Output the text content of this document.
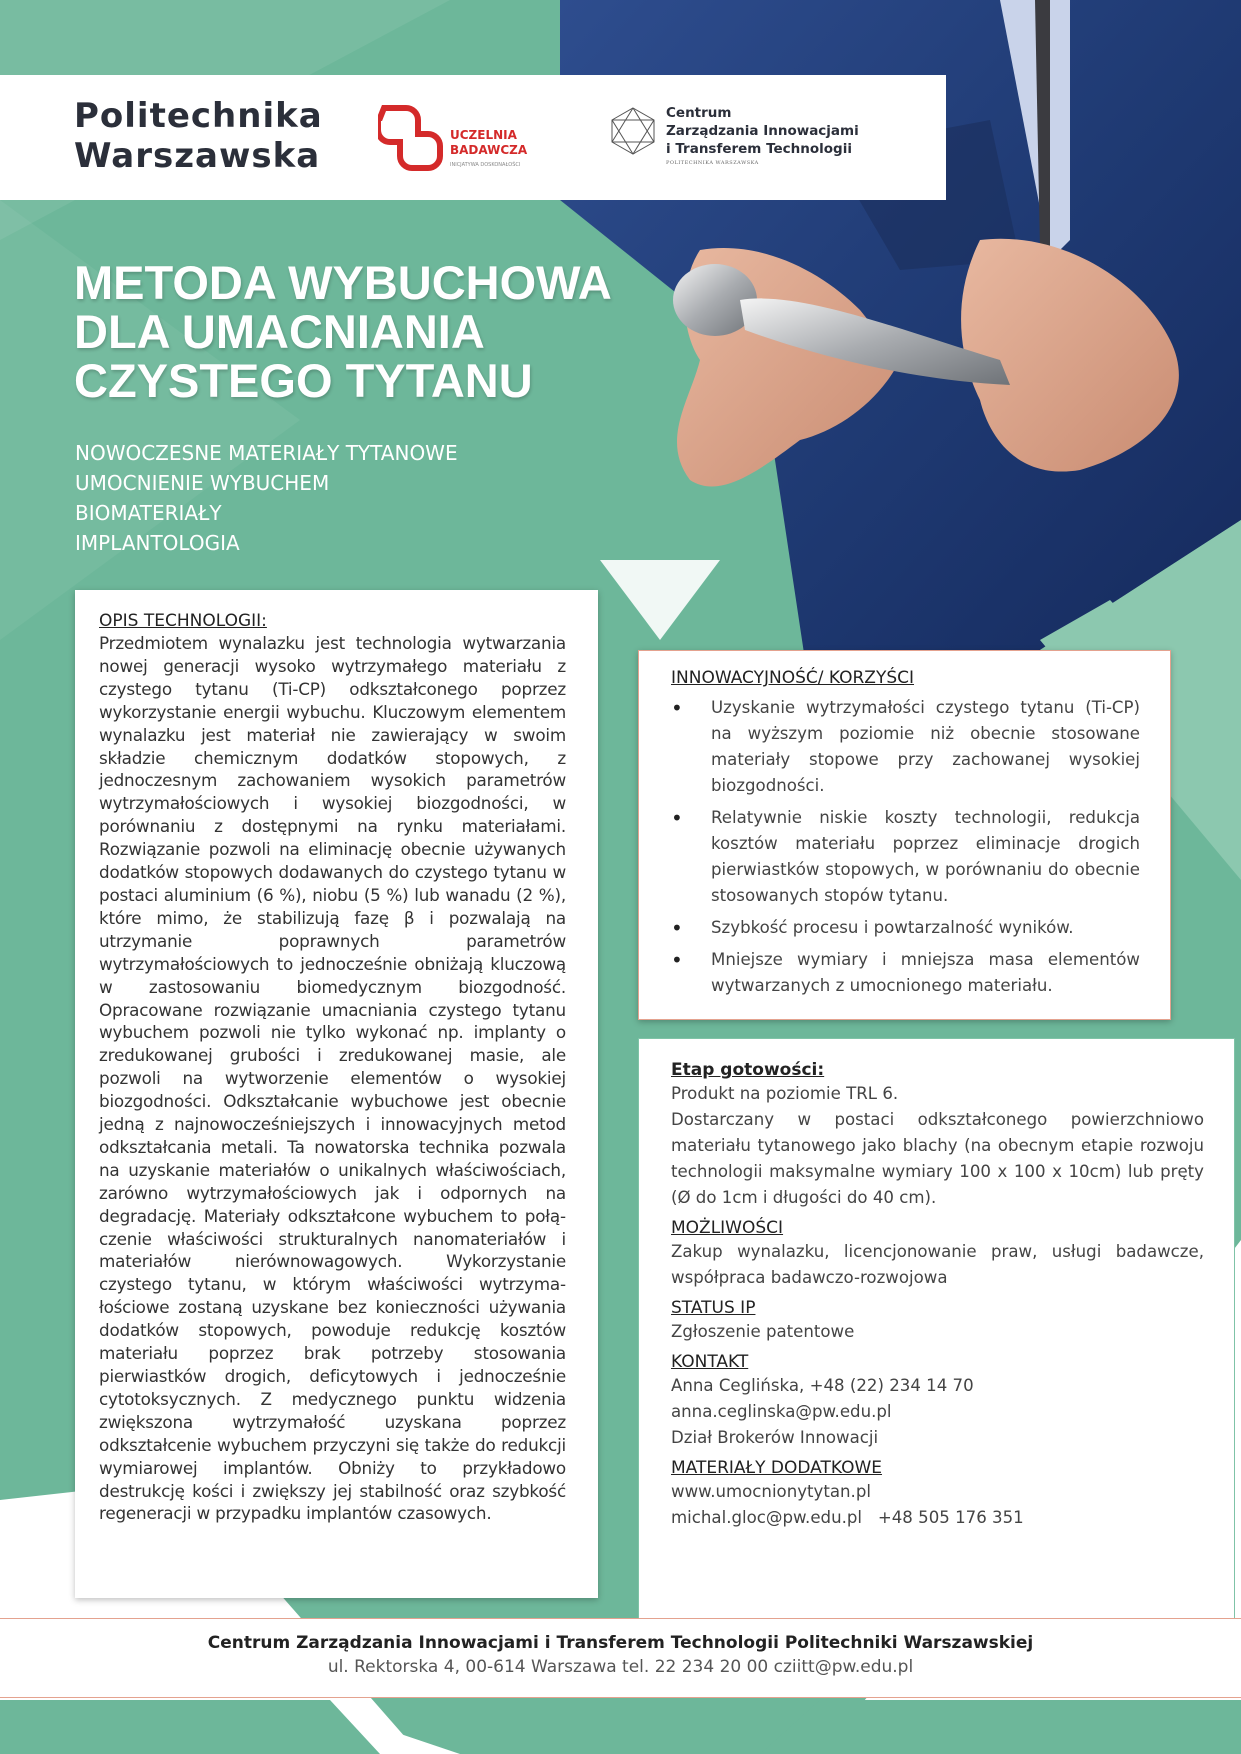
Politechnika
Warszawska
UCZELNIA
BADAWCZA
INICJATYWA DOSKONAŁOŚCI
Centrum
Zarządzania Innowacjami
i Transferem Technologii
POLITECHNIKA WARSZAWSKA
METODA WYBUCHOWA
DLA UMACNIANIA
CZYSTEGO TYTANU
NOWOCZESNE MATERIAŁY TYTANOWE
UMOCNIENIE WYBUCHEM
BIOMATERIAŁY
IMPLANTOLOGIA
OPIS TECHNOLOGII:
Przedmiotem wynalazku jest technologia wytwarzania nowej generacji wysoko wytrzymałego materiału z czystego tytanu (Ti-CP) odkształconego poprzez wykorzystanie energii wybuchu. Kluczowym elementem wynalazku jest materiał nie zawierający w swoim składzie chemicznym dodatków stopowych, z jednoczesnym zachowaniem wysokich parametrów wytrzymałościowych i wysokiej biozgodności, w porównaniu z dostępnymi na rynku materiałami. Rozwiązanie pozwoli na eliminację obecnie używanych dodatków stopowych dodawanych do czystego tytanu w postaci aluminium (6 %), niobu (5 %) lub wanadu (2 %), które mimo, że stabilizują fazę β i pozwalają na utrzymanie poprawnych parametrów wytrzymałościowych to jednocześnie obniżają kluczową w zastosowaniu biomedycznym biozgodność. Opracowane rozwiązanie umacniania czystego tytanu wybuchem pozwoli nie tylko wykonać np. implanty o zredukowanej grubości i zredukowanej masie, ale pozwoli na wytworzenie elementów o wysokiej biozgodności. Odkształcanie wybuchowe jest obecnie jedną z najnowocześniejszych i innowacyjnych metod odkształcania metali. Ta nowatorska technika pozwala na uzyskanie materiałów o unikalnych właściwościach, zarówno wytrzymałościowych jak i odpornych na degradację. Materiały odkształcone wybuchem to połączenie właściwości strukturalnych nanomateriałów i materiałów nierównowagowych. Wykorzystanie czystego tytanu, w którym właściwości wytrzymałościowe zostaną uzyskane bez konieczności używania dodatków stopowych, powoduje redukcję kosztów materiału poprzez brak potrzeby stosowania pierwiastków drogich, deficytowych i jednocześnie cytotoksycznych. Z medycznego punktu widzenia zwiększona wytrzymałość uzyskana poprzez odkształcenie wybuchem przyczyni się także do redukcji wymiarowej implantów. Obniży to przykładowo destrukcję kości i zwiększy jej stabilność oraz szybkość regeneracji w przypadku implantów czasowych.
INNOWACYJNOŚĆ/ KORZYŚCI
• Uzyskanie wytrzymałości czystego tytanu (Ti-CP) na wyższym poziomie niż obecnie stosowane materiały stopowe przy zachowanej wysokiej biozgodności.
• Relatywnie niskie koszty technologii, redukcja kosztów materiału poprzez eliminacje drogich pierwiastków stopowych, w porównaniu do obecnie stosowanych stopów tytanu.
• Szybkość procesu i powtarzalność wyników.
• Mniejsze wymiary i mniejsza masa elementów wytwarzanych z umocnionego materiału.
Etap gotowości:
Produkt na poziomie TRL 6.
Dostarczany w postaci odkształconego powierzchniowo materiału tytanowego jako blachy (na obecnym etapie rozwoju technologii maksymalne wymiary 100 x 100 x 10cm) lub pręty (Ø do 1cm i długości do 40 cm).
MOŻLIWOŚCI
Zakup wynalazku, licencjonowanie praw, usługi badawcze, współpraca badawczo-rozwojowa
STATUS IP
Zgłoszenie patentowe
KONTAKT
Anna Ceglińska, +48 (22) 234 14 70
anna.ceglinska@pw.edu.pl
Dział Brokerów Innowacji
MATERIAŁY DODATKOWE
www.umocnionytytan.pl
michal.gloc@pw.edu.pl   +48 505 176 351
Centrum Zarządzania Innowacjami i Transferem Technologii Politechniki Warszawskiej
ul. Rektorska 4, 00-614 Warszawa tel. 22 234 20 00 cziitt@pw.edu.pl
